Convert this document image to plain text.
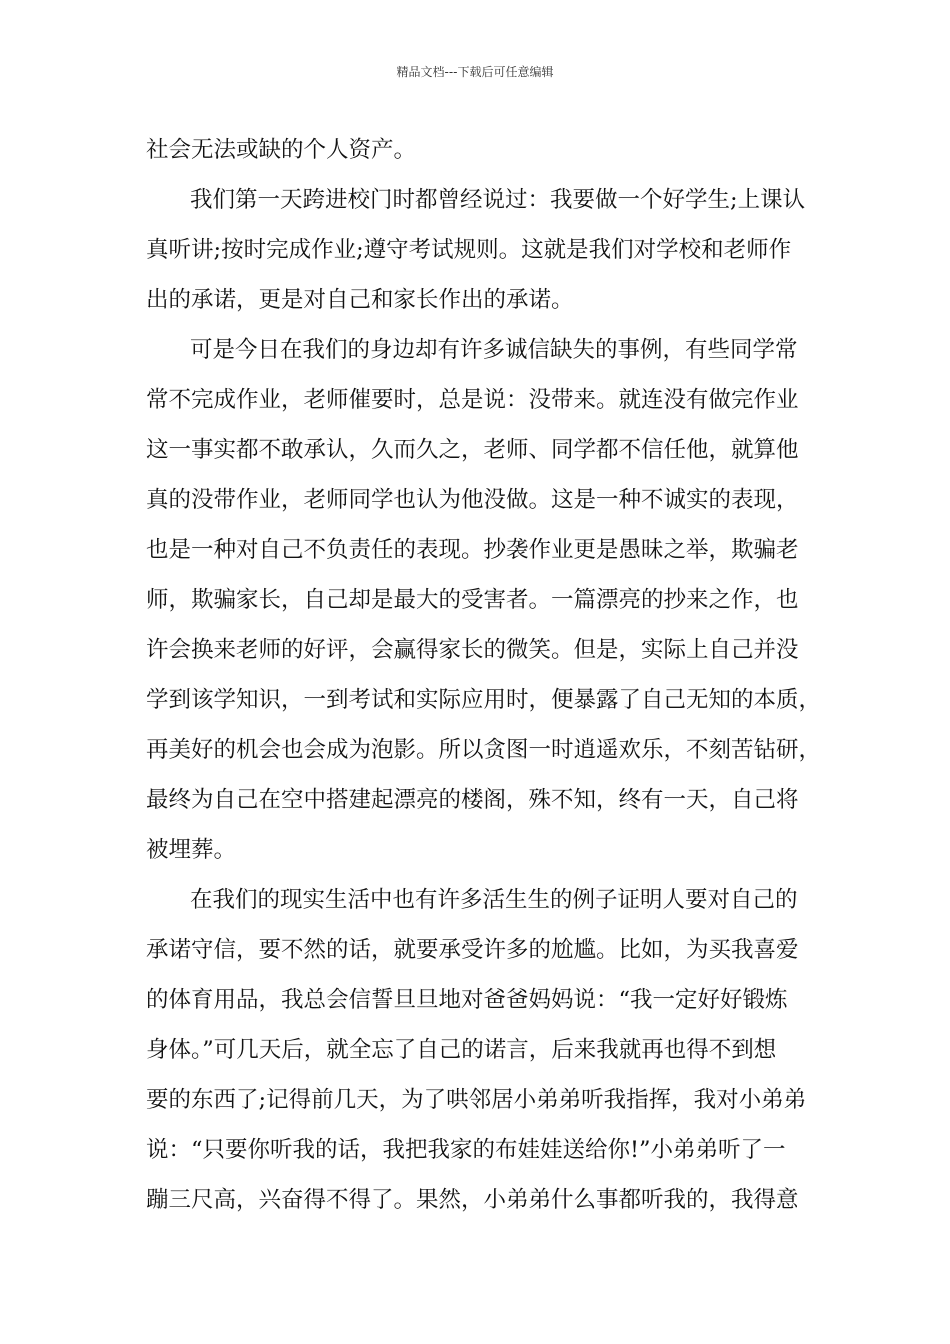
精品文档---下载后可任意编辑
社会无法或缺的个人资产。
我们第一天跨进校门时都曾经说过：我要做一个好学生;上课认
真听讲;按时完成作业;遵守考试规则。这就是我们对学校和老师作
出的承诺，更是对自己和家长作出的承诺。
可是今日在我们的身边却有许多诚信缺失的事例，有些同学常
常不完成作业，老师催要时，总是说：没带来。就连没有做完作业
这一事实都不敢承认，久而久之，老师、同学都不信任他，就算他
真的没带作业，老师同学也认为他没做。这是一种不诚实的表现，
也是一种对自己不负责任的表现。抄袭作业更是愚昧之举，欺骗老
师，欺骗家长，自己却是最大的受害者。一篇漂亮的抄来之作，也
许会换来老师的好评，会赢得家长的微笑。但是，实际上自己并没
学到该学知识，一到考试和实际应用时，便暴露了自己无知的本质，
再美好的机会也会成为泡影。所以贪图一时逍遥欢乐，不刻苦钻研，
最终为自己在空中搭建起漂亮的楼阁，殊不知，终有一天，自己将
被埋葬。
在我们的现实生活中也有许多活生生的例子证明人要对自己的
承诺守信，要不然的话，就要承受许多的尬尴。比如，为买我喜爱
的体育用品，我总会信誓旦旦地对爸爸妈妈说：“我一定好好锻炼
身体。”可几天后，就全忘了自己的诺言，后来我就再也得不到想
要的东西了;记得前几天，为了哄邻居小弟弟听我指挥，我对小弟弟
说：“只要你听我的话，我把我家的布娃娃送给你!”小弟弟听了一
蹦三尺高，兴奋得不得了。果然，小弟弟什么事都听我的，我得意
